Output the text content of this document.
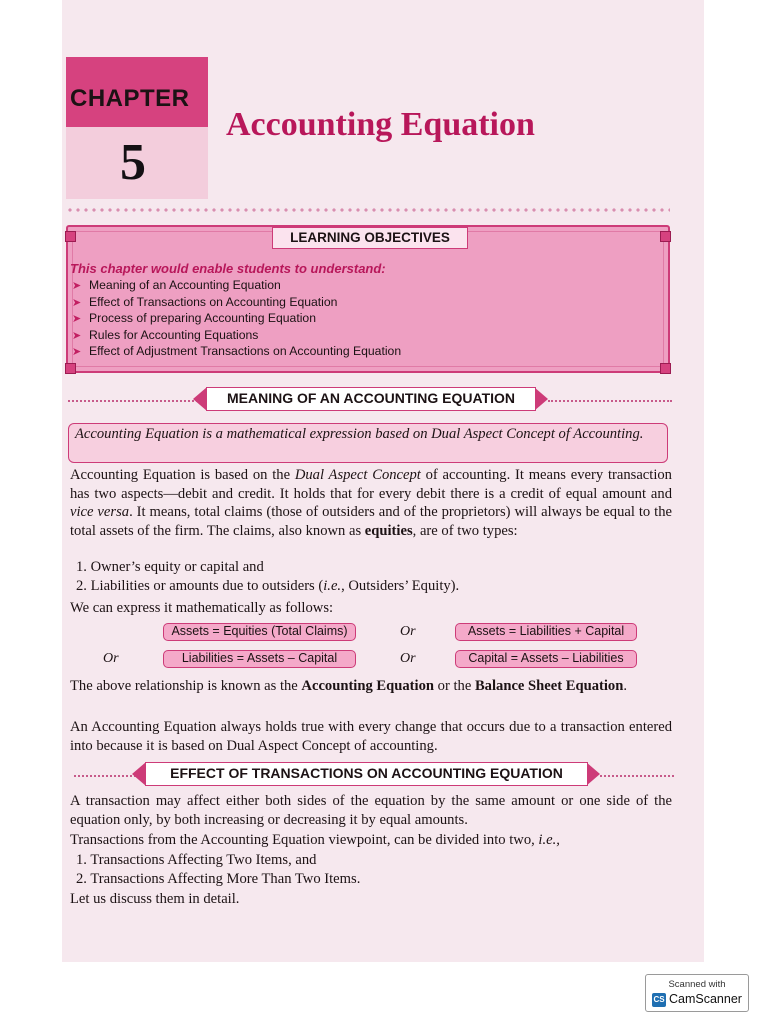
CHAPTER
5
Accounting Equation
LEARNING OBJECTIVES
This chapter would enable students to understand:
➤ Meaning of an Accounting Equation
➤ Effect of Transactions on Accounting Equation
➤ Process of preparing Accounting Equation
➤ Rules for Accounting Equations
➤ Effect of Adjustment Transactions on Accounting Equation
MEANING OF AN ACCOUNTING EQUATION
Accounting Equation is a mathematical expression based on Dual Aspect Concept of Accounting.
Accounting Equation is based on the Dual Aspect Concept of accounting. It means every transaction has two aspects—debit and credit. It holds that for every debit there is a credit of equal amount and vice versa. It means, total claims (those of outsiders and of the proprietors) will always be equal to the total assets of the firm. The claims, also known as equities, are of two types:
1. Owner’s equity or capital and
2. Liabilities or amounts due to outsiders (i.e., Outsiders’ Equity).
We can express it mathematically as follows:
Assets = Equities (Total Claims)	Or	Assets = Liabilities + Capital
Or	Liabilities = Assets – Capital	Or	Capital = Assets – Liabilities
The above relationship is known as the Accounting Equation or the Balance Sheet Equation.
An Accounting Equation always holds true with every change that occurs due to a transaction entered into because it is based on Dual Aspect Concept of accounting.
EFFECT OF TRANSACTIONS ON ACCOUNTING EQUATION
A transaction may affect either both sides of the equation by the same amount or one side of the equation only, by both increasing or decreasing it by equal amounts.
Transactions from the Accounting Equation viewpoint, can be divided into two, i.e.,
1. Transactions Affecting Two Items, and
2. Transactions Affecting More Than Two Items.
Let us discuss them in detail.
Scanned with
CS CamScanner
